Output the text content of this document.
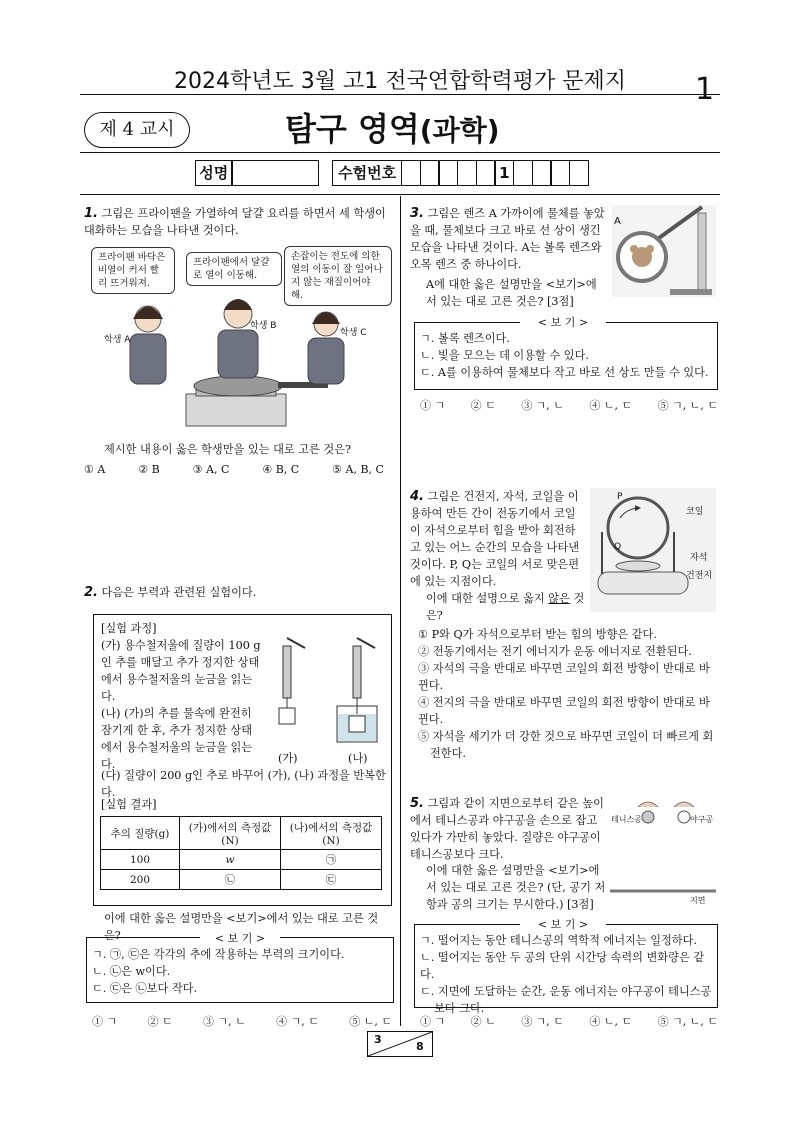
2024학년도 3월 고1 전국연합학력평가 문제지	1
제 4 교시	탐구 영역(과학)
성명	수험번호	1
1. 그림은 프라이팬을 가열하여 달걀 요리를 하면서 세 학생이 대화하는 모습을 나타낸 것이다.
프라이팬 바닥은 비열이 커서 빨리 뜨거워져.
프라이팬에서 달걀로 열이 이동해.
손잡이는 전도에 의한 열의 이동이 잘 일어나지 않는 재질이어야 해.
학생 A
학생 B
학생 C
제시한 내용이 옳은 학생만을 있는 대로 고른 것은?
① A	② B	③ A, C	④ B, C	⑤ A, B, C
2. 다음은 부력과 관련된 실험이다.
[실험 과정]
(가) 용수철저울에 질량이 100 g인 추를 매달고 추가 정지한 상태에서 용수철저울의 눈금을 읽는다.
(나) (가)의 추를 물속에 완전히 잠기게 한 후, 추가 정지한 상태에서 용수철저울의 눈금을 읽는다.
(다) 질량이 200 g인 추로 바꾸어 (가), (나) 과정을 반복한다.
(가)	(나)
[실험 결과]
추의 질량(g)	(가)에서의 측정값(N)	(나)에서의 측정값(N)
100	w	㉠
200	㉡	㉢
이에 대한 옳은 설명만을 <보기>에서 있는 대로 고른 것은?	< 보 기 >
ㄱ. ㉠, ㉢은 각각의 추에 작용하는 부력의 크기이다.
ㄴ. ㉡은 w이다.
ㄷ. ㉢은 ㉡보다 작다.
① ㄱ	② ㄷ	③ ㄱ, ㄴ	④ ㄱ, ㄷ	⑤ ㄴ, ㄷ
3. 그림은 렌즈 A 가까이에 물체를 놓았을 때, 물체보다 크고 바로 선 상이 생긴 모습을 나타낸 것이다. A는 볼록 렌즈와 오목 렌즈 중 하나이다.
A
A에 대한 옳은 설명만을 <보기>에서 있는 대로 고른 것은? [3점]
< 보 기 >
ㄱ. 볼록 렌즈이다.
ㄴ. 빛을 모으는 데 이용할 수 있다.
ㄷ. A를 이용하여 물체보다 작고 바로 선 상도 만들 수 있다.
① ㄱ ② ㄷ ③ ㄱ, ㄴ ④ ㄴ, ㄷ ⑤ ㄱ, ㄴ, ㄷ
4. 그림은 건전지, 자석, 코일을 이용하여 만든 간이 전동기에서 코일이 자석으로부터 힘을 받아 회전하고 있는 어느 순간의 모습을 나타낸 것이다. P, Q는 코일의 서로 맞은편에 있는 지점이다.
이에 대한 설명으로 옳지 않은 것은?
P
Q
코일
자석
건전지
① P와 Q가 자석으로부터 받는 힘의 방향은 같다.
② 전동기에서는 전기 에너지가 운동 에너지로 전환된다.
③ 자석의 극을 반대로 바꾸면 코일의 회전 방향이 반대로 바뀐다.
④ 전지의 극을 반대로 바꾸면 코일의 회전 방향이 반대로 바뀐다.
⑤ 자석을 세기가 더 강한 것으로 바꾸면 코일이 더 빠르게 회전한다.
5. 그림과 같이 지면으로부터 같은 높이에서 테니스공과 야구공을 손으로 잡고 있다가 가만히 놓았다. 질량은 야구공이 테니스공보다 크다.
테니스공	야구공
지면
이에 대한 옳은 설명만을 <보기>에서 있는 대로 고른 것은? (단, 공기 저항과 공의 크기는 무시한다.) [3점]
< 보 기 >
ㄱ. 떨어지는 동안 테니스공의 역학적 에너지는 일정하다.
ㄴ. 떨어지는 동안 두 공의 단위 시간당 속력의 변화량은 같다.
ㄷ. 지면에 도달하는 순간, 운동 에너지는 야구공이 테니스공보다 크다.
① ㄱ ② ㄴ ③ ㄱ, ㄷ ④ ㄴ, ㄷ ⑤ ㄱ, ㄴ, ㄷ
3
8
